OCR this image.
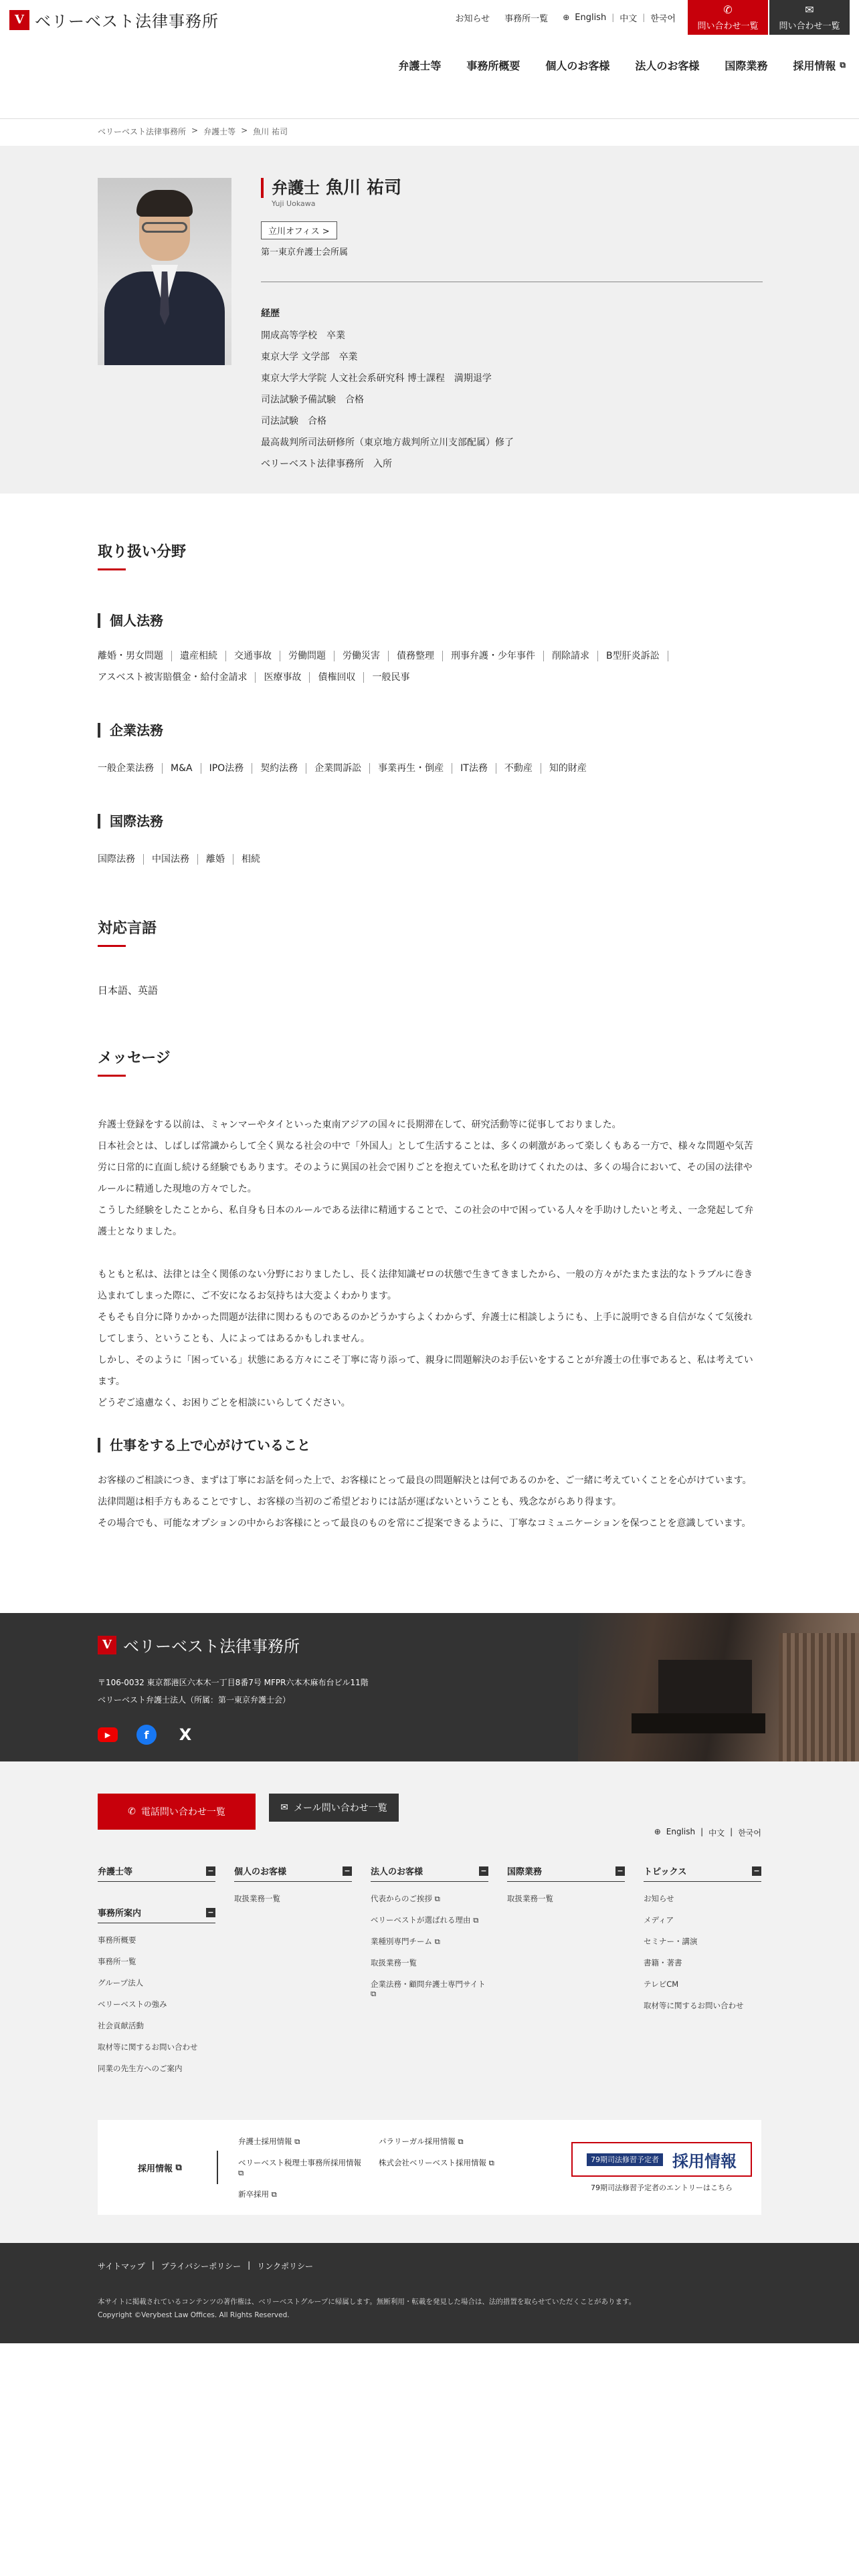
V ベリーベスト法律事務所	お知らせ 事務所一覧 ⊕ English | 中文 | 한국어
✆
問い合わせ一覧
✉
問い合わせ一覧
弁護士等 事務所概要 個人のお客様 法人のお客様 国際業務 採用情報 ⧉
ベリーベスト法律事務所 > 弁護士等 > 魚川 祐司
弁護士 魚川 祐司
Yuji Uokawa
立川オフィス >
第一東京弁護士会所属
経歴
開成高等学校　卒業
東京大学 文学部　卒業
東京大学大学院 人文社会系研究科 博士課程　満期退学
司法試験予備試験　合格
司法試験　合格
最高裁判所司法研修所（東京地方裁判所立川支部配属）修了
ベリーベスト法律事務所　入所
取り扱い分野
個人法務
離婚・男女問題	遺産相続	交通事故	労働問題	労働災害	債務整理	刑事弁護・少年事件	削除請求	B型肝炎訴訟
アスベスト被害賠償金・給付金請求	医療事故	債権回収	一般民事
企業法務
一般企業法務	M&A	IPO法務	契約法務	企業間訴訟	事業再生・倒産	IT法務	不動産	知的財産
国際法務
国際法務	中国法務	離婚	相続
対応言語
日本語、英語
メッセージ

弁護士登録をする以前は、ミャンマーやタイといった東南アジアの国々に長期滞在して、研究活動等に従事しておりました。
日本社会とは、しばしば常識からして全く異なる社会の中で「外国人」として生活することは、多くの刺激があって楽しくもある一方で、様々な問題や気苦労に日常的に直面し続ける経験でもあります。そのように異国の社会で困りごとを抱えていた私を助けてくれたのは、多くの場合において、その国の法律やルールに精通した現地の方々でした。
こうした経験をしたことから、私自身も日本のルールである法律に精通することで、この社会の中で困っている人々を手助けしたいと考え、一念発起して弁護士となりました。

もともと私は、法律とは全く関係のない分野におりましたし、長く法律知識ゼロの状態で生きてきましたから、一般の方々がたまたま法的なトラブルに巻き込まれてしまった際に、ご不安になるお気持ちは大変よくわかります。
そもそも自分に降りかかった問題が法律に関わるものであるのかどうかすらよくわからず、弁護士に相談しようにも、上手に説明できる自信がなくて気後れしてしまう、ということも、人によってはあるかもしれません。
しかし、そのように「困っている」状態にある方々にこそ丁寧に寄り添って、親身に問題解決のお手伝いをすることが弁護士の仕事であると、私は考えています。
どうぞご遠慮なく、お困りごとを相談にいらしてください。

仕事をする上で心がけていること

お客様のご相談につき、まずは丁寧にお話を伺った上で、お客様にとって最良の問題解決とは何であるのかを、ご一緒に考えていくことを心がけています。
法律問題は相手方もあることですし、お客様の当初のご希望どおりには話が運ばないということも、残念ながらあり得ます。
その場合でも、可能なオプションの中からお客様にとって最良のものを常にご提案できるように、丁寧なコミュニケーションを保つことを意識しています。

V ベリーベスト法律事務所
〒106-0032 東京都港区六本木一丁目8番7号 MFPR六本木麻布台ビル11階
ベリーベスト弁護士法人（所属：第一東京弁護士会）
▶	f	X
✆ 電話問い合わせ一覧	✉ メール問い合わせ一覧
⊕ English | 中文 | 한국어
弁護士等	−
事務所案内	−
事務所概要
事務所一覧
グループ法人
ベリーベストの強み
社会貢献活動
取材等に関するお問い合わせ
同業の先生方へのご案内
個人のお客様	−
取扱業務一覧
法人のお客様	−
代表からのご挨拶 ⧉
ベリーベストが選ばれる理由 ⧉
業種別専門チーム ⧉
取扱業務一覧
企業法務・顧問弁護士専門サイト ⧉
国際業務	−
取扱業務一覧
トピックス	−
お知らせ
メディア
セミナー・講演
書籍・著書
テレビCM
取材等に関するお問い合わせ
採用情報
⧉
弁護士採用情報 ⧉	パラリーガル採用情報 ⧉
ベリーベスト税理士事務所採用情報 ⧉
株式会社ベリーベスト採用情報 ⧉
新卒採用 ⧉
79期司法修習予定者 採用情報
79期司法修習予定者のエントリーはこちら
サイトマップ | プライバシーポリシー | リンクポリシー
本サイトに掲載されているコンテンツの著作権は、ベリーベストグループに帰属します。無断利用・転載を発見した場合は、法的措置を取らせていただくことがあります。
Copyright ©Verybest Law Offices. All Rights Reserved.
